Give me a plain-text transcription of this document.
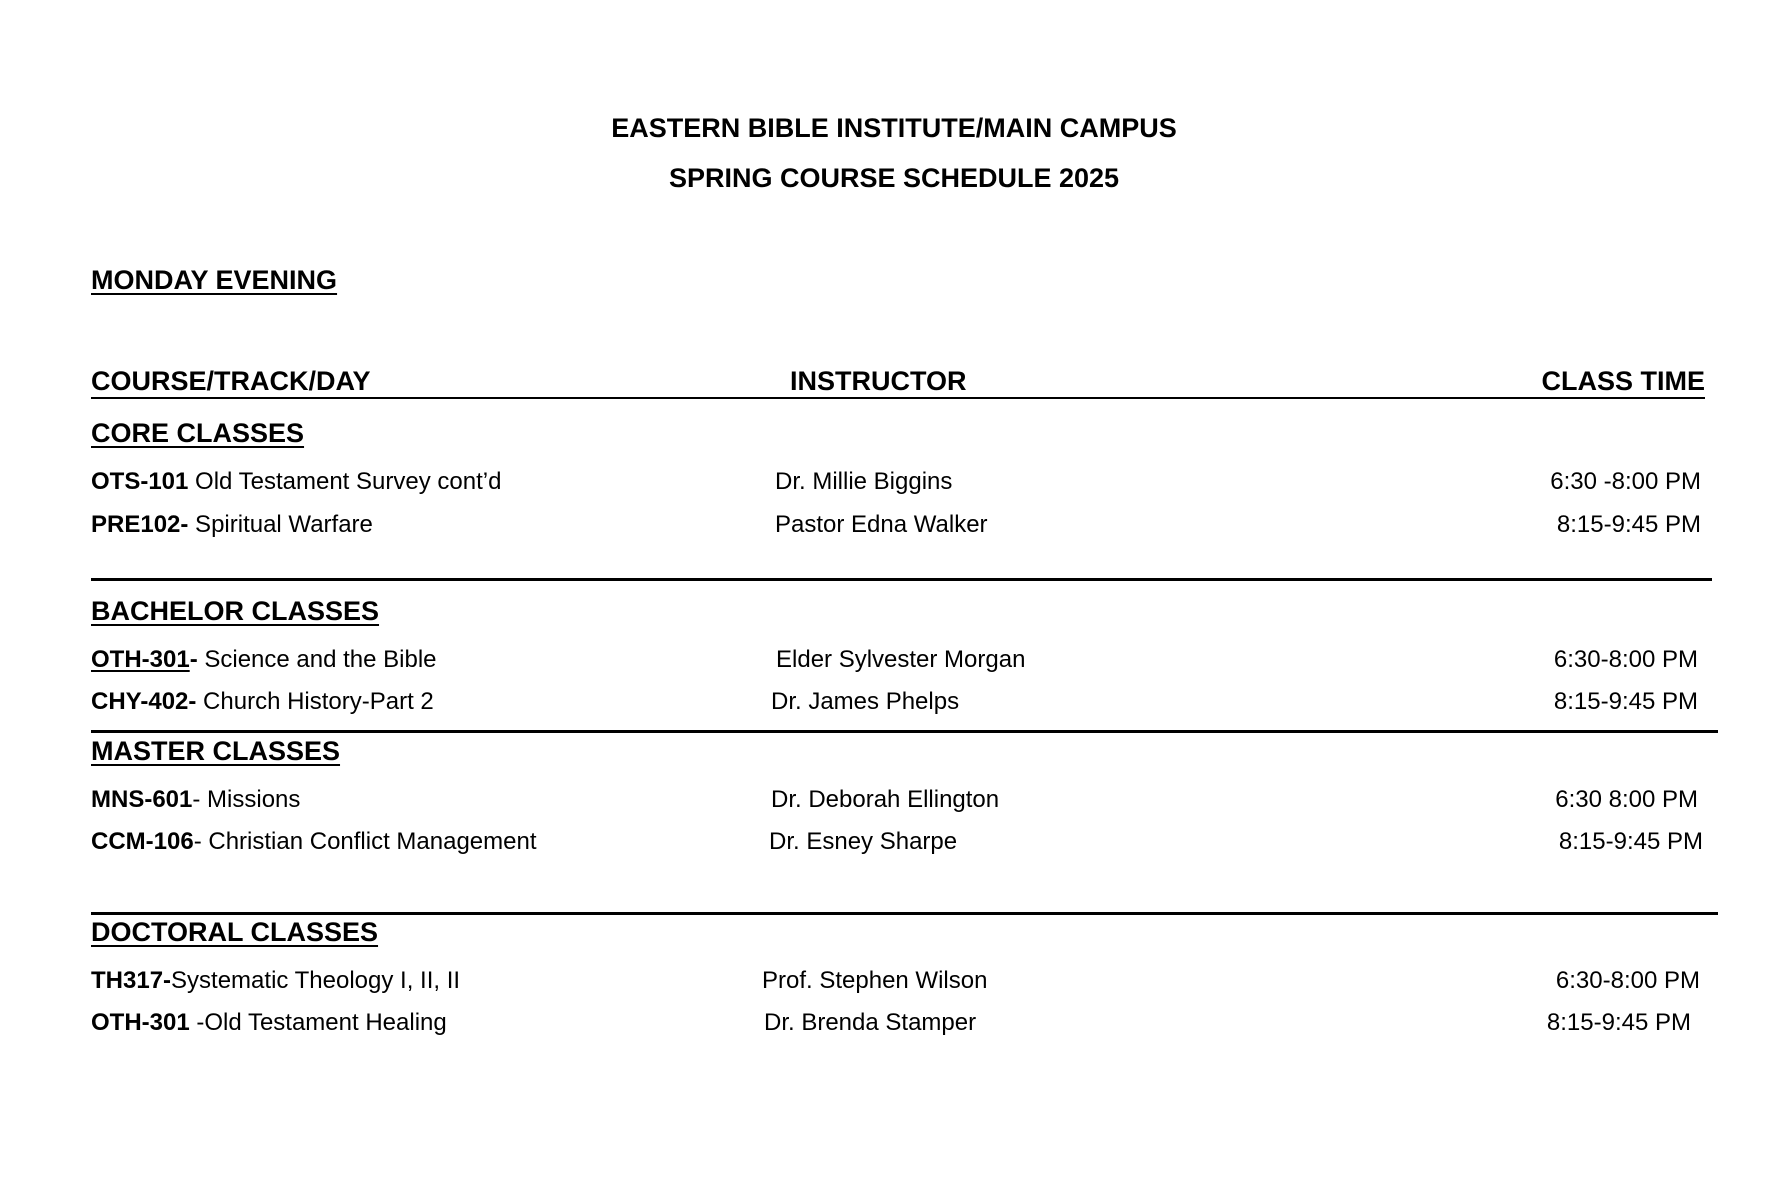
EASTERN BIBLE INSTITUTE/MAIN CAMPUS
SPRING COURSE SCHEDULE 2025
MONDAY EVENING
COURSE/TRACK/DAY	INSTRUCTOR	CLASS TIME
CORE CLASSES
OTS-101 Old Testament Survey cont’d	Dr. Millie Biggins	6:30 -8:00 PM
PRE102- Spiritual Warfare	Pastor Edna Walker	8:15-9:45 PM
BACHELOR CLASSES
OTH-301- Science and the Bible	Elder Sylvester Morgan	6:30-8:00 PM
CHY-402- Church History-Part 2	Dr. James Phelps	8:15-9:45 PM
MASTER CLASSES
MNS-601- Missions	Dr. Deborah Ellington	6:30 8:00 PM
CCM-106- Christian Conflict Management	Dr. Esney Sharpe	8:15-9:45 PM
DOCTORAL CLASSES
TH317-Systematic Theology I, II, II	Prof. Stephen Wilson	6:30-8:00 PM
OTH-301 -Old Testament Healing	Dr. Brenda Stamper	8:15-9:45 PM
